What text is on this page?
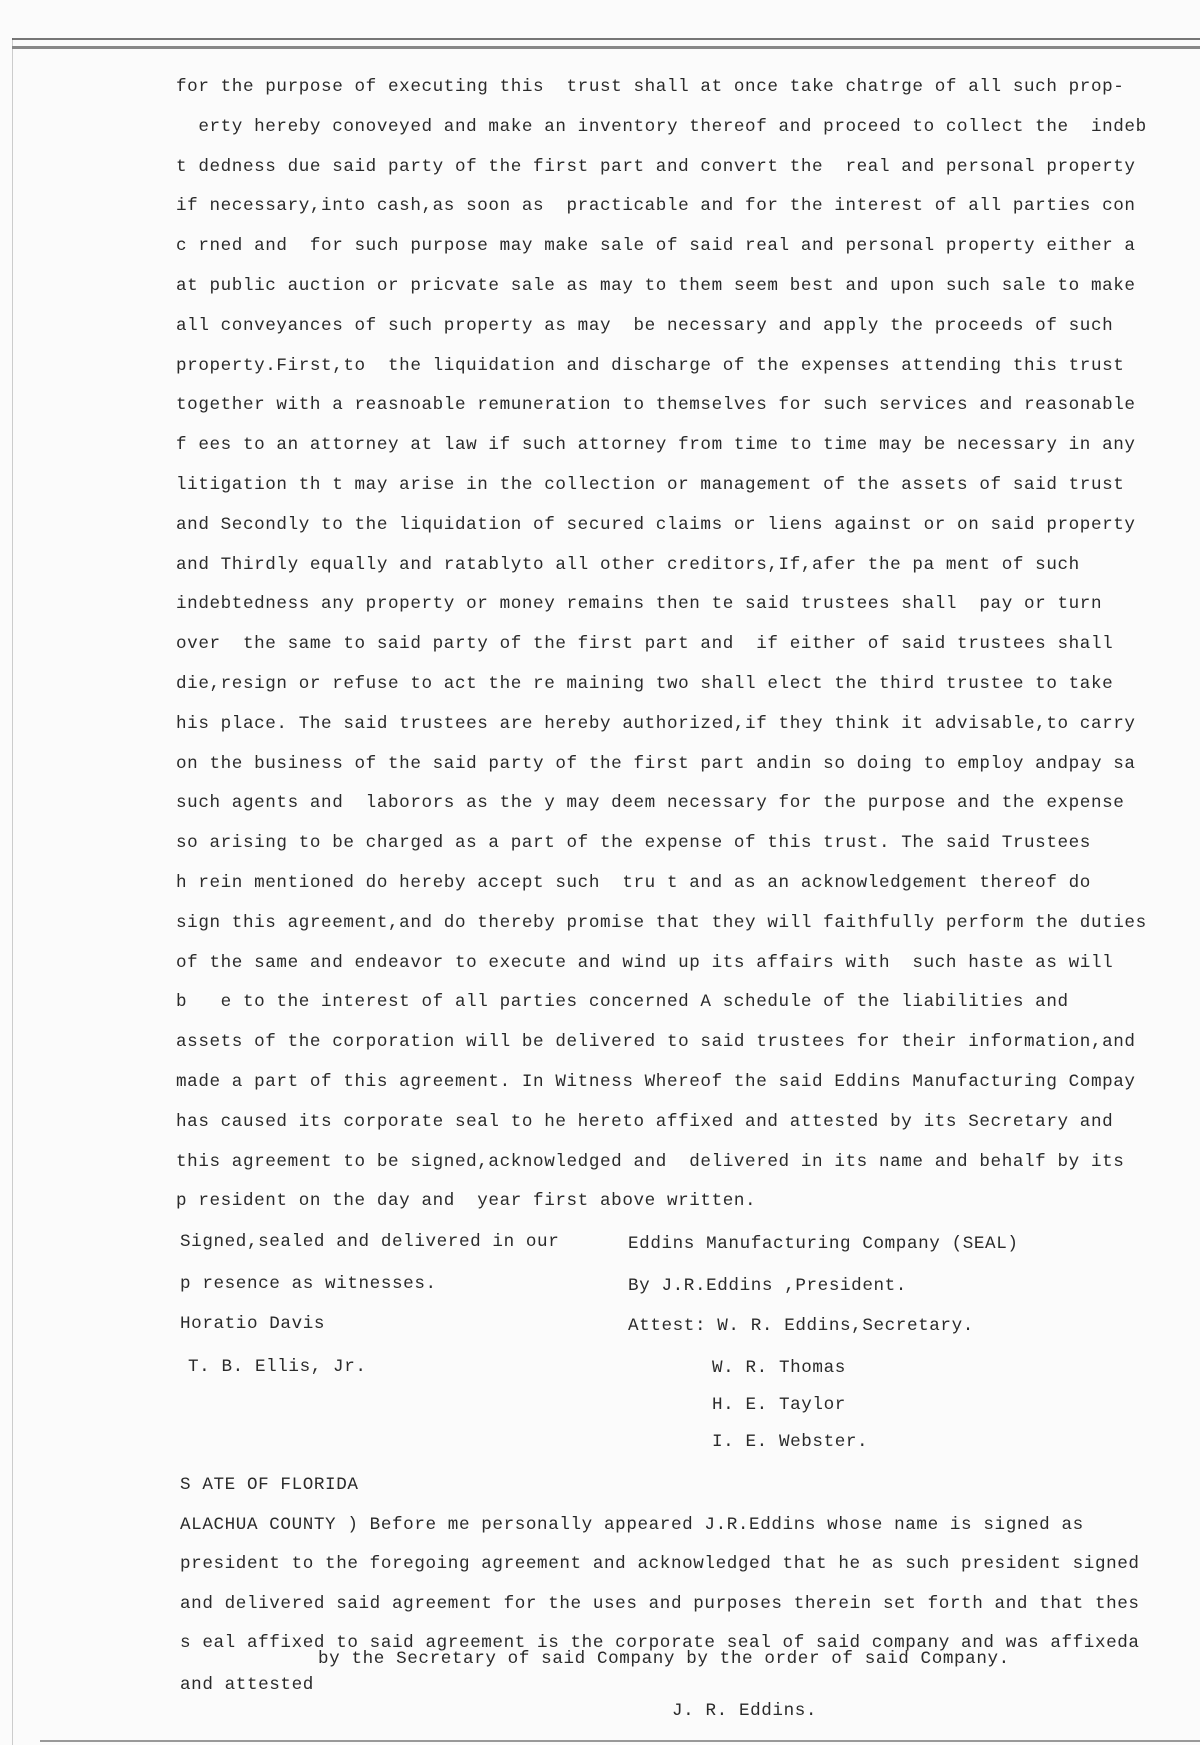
for the purpose of executing this  trust shall at once take chatrge of all such prop-
erty hereby conoveyed and make an inventory thereof and proceed to collect the  indeb
t dedness due said party of the first part and convert the  real and personal property
if necessary,into cash,as soon as  practicable and for the interest of all parties con
c rned and  for such purpose may make sale of said real and personal property either a
at public auction or pricvate sale as may to them seem best and upon such sale to make
all conveyances of such property as may  be necessary and apply the proceeds of such
property.First,to  the liquidation and discharge of the expenses attending this trust
together with a reasnoable remuneration to themselves for such services and reasonable
f ees to an attorney at law if such attorney from time to time may be necessary in any
litigation th t may arise in the collection or management of the assets of said trust
and Secondly to the liquidation of secured claims or liens against or on said property
and Thirdly equally and ratablyto all other creditors,If,afer the pa ment of such
indebtedness any property or money remains then te said trustees shall  pay or turn
over  the same to said party of the first part and  if either of said trustees shall
die,resign or refuse to act the re maining two shall elect the third trustee to take
his place. The said trustees are hereby authorized,if they think it advisable,to carry
on the business of the said party of the first part andin so doing to employ andpay sa
such agents and  laborors as the y may deem necessary for the purpose and the expense
so arising to be charged as a part of the expense of this trust. The said Trustees
h rein mentioned do hereby accept such  tru t and as an acknowledgement thereof do
sign this agreement,and do thereby promise that they will faithfully perform the duties
of the same and endeavor to execute and wind up its affairs with  such haste as will
b   e to the interest of all parties concerned A schedule of the liabilities and
assets of the corporation will be delivered to said trustees for their information,and
made a part of this agreement. In Witness Whereof the said Eddins Manufacturing Compay
has caused its corporate seal to he hereto affixed and attested by its Secretary and
this agreement to be signed,acknowledged and  delivered in its name and behalf by its
p resident on the day and  year first above written.
Signed,sealed and delivered in our
p resence as witnesses.
Horatio Davis
T. B. Ellis, Jr.
Eddins Manufacturing Company (SEAL)
By J.R.Eddins ,President.
Attest: W. R. Eddins,Secretary.
W. R. Thomas
H. E. Taylor
I. E. Webster.
S ATE OF FLORIDA
ALACHUA COUNTY ) Before me personally appeared J.R.Eddins whose name is signed as
president to the foregoing agreement and acknowledged that he as such president signed
and delivered said agreement for the uses and purposes therein set forth and that thes
s eal affixed to said agreement is the corporate seal of said company and was affixeda
by the Secretary of said Company by the order of said Company.
and attested
J. R. Eddins.
